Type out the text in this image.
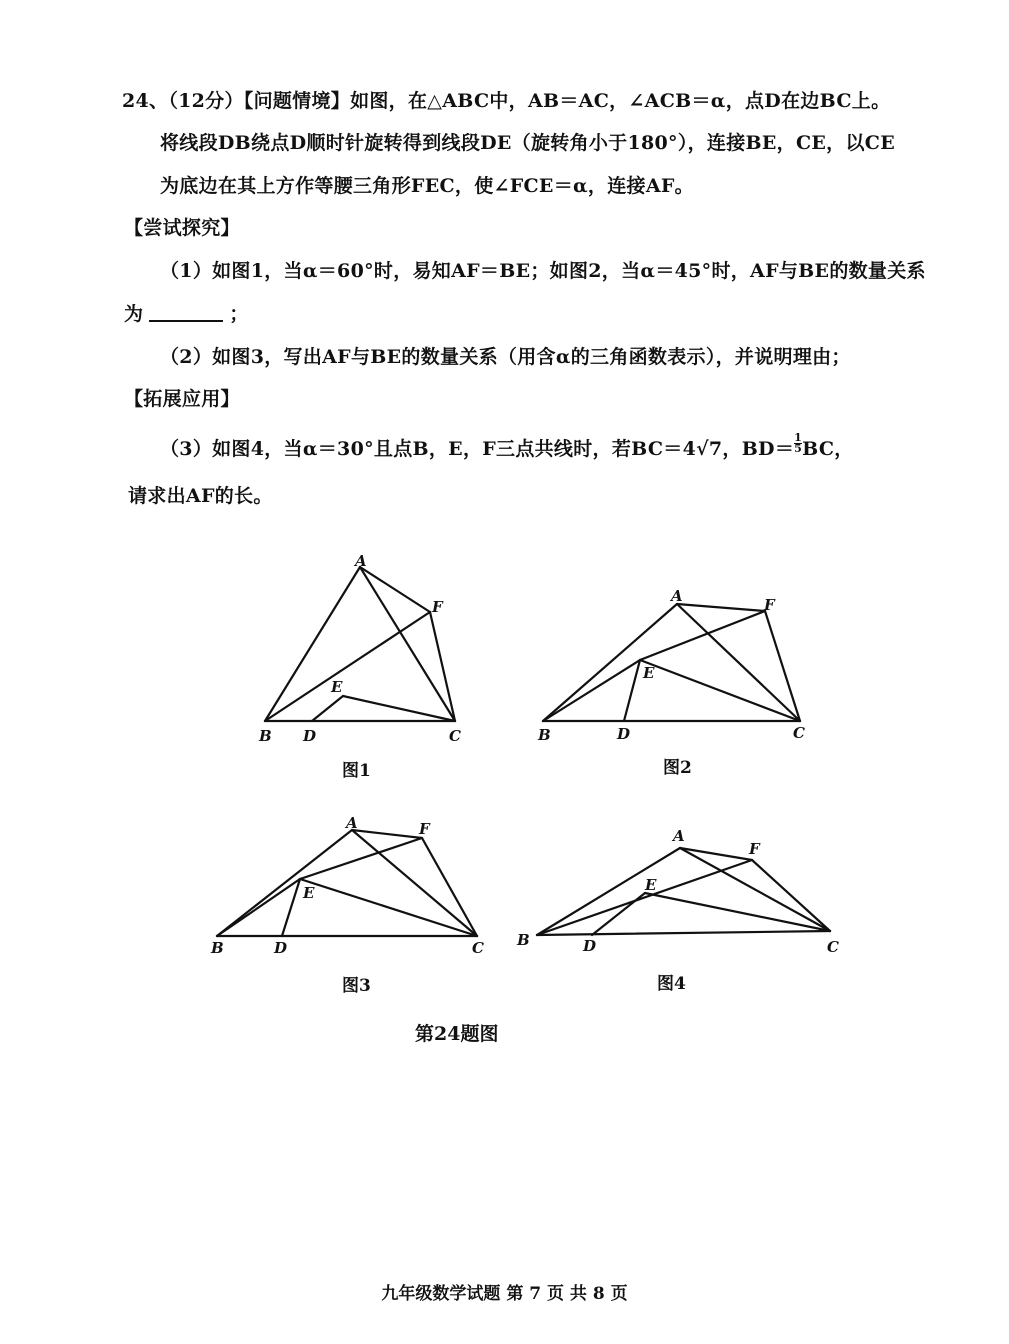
24、（12分）【问题情境】如图，在△ABC中，AB＝AC，∠ACB＝α，点D在边BC上。
将线段DB绕点D顺时针旋转得到线段DE（旋转角小于180°），连接BE，CE，以CE
为底边在其上方作等腰三角形FEC，使∠FCE＝α，连接AF。
【尝试探究】
（1）如图1，当α＝60°时，易知AF＝BE；如图2，当α＝45°时，AF与BE的数量关系
为	；
（2）如图3，写出AF与BE的数量关系（用含α的三角函数表示），并说明理由；
【拓展应用】
（3）如图4，当α＝30°且点B，E，F三点共线时，若BC＝4√7，$BD= \frac{1}{5}$ BC，
请求出AF的长。
A
F
E
B D	C
A	F
E
B	D	C
A	F
E
B	D	C
A
F
E
B	D	C
图1	图2
图3	图4
第24题图
九年级数学试题 第 7 页 共 8 页
